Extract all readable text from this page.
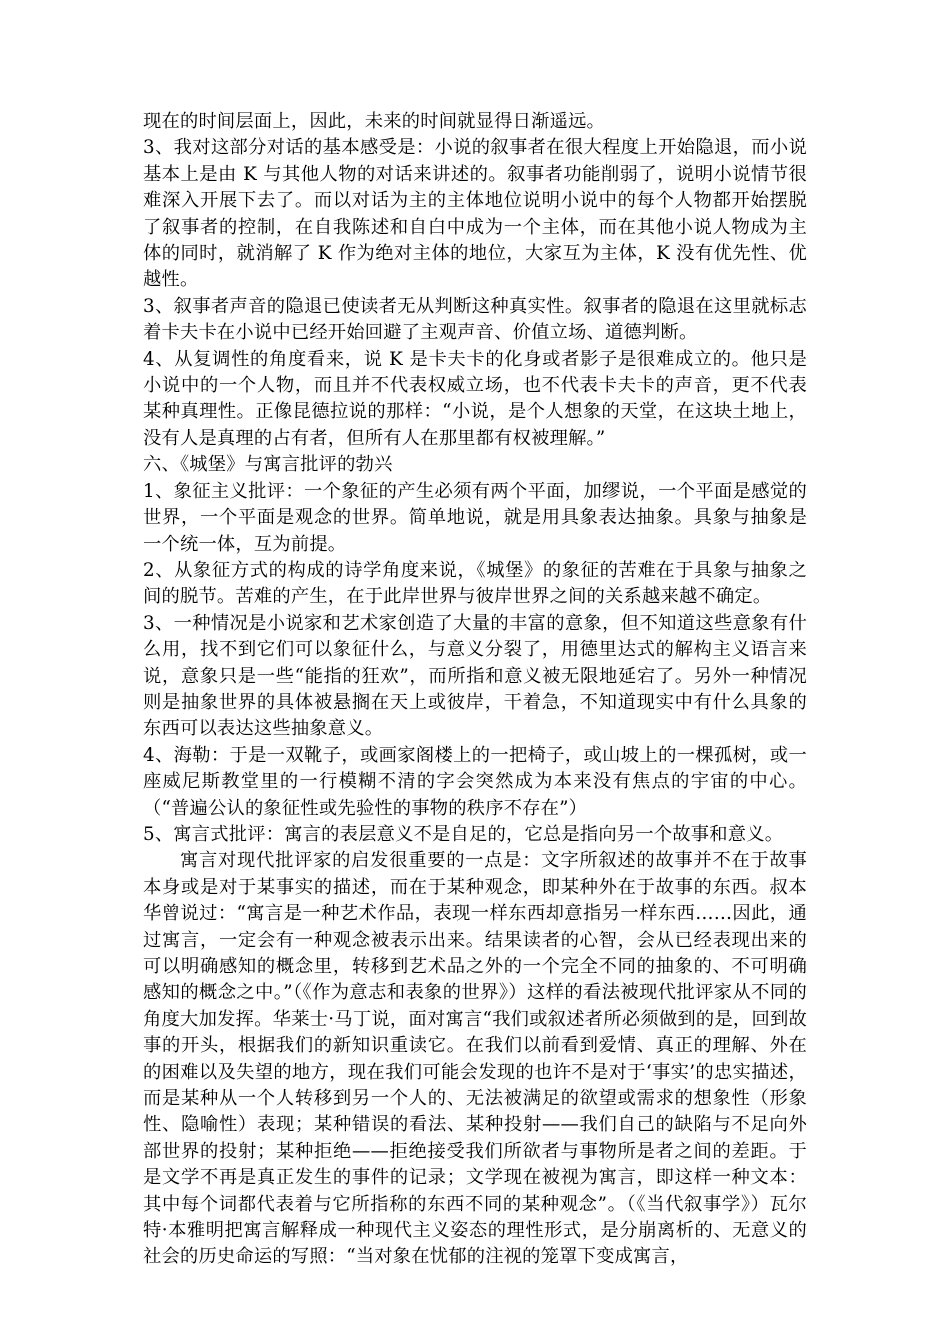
现在的时间层面上，因此，未来的时间就显得日渐遥远。

3、我对这部分对话的基本感受是：小说的叙事者在很大程度上开始隐退，而小说基本上是由 K 与其他人物的对话来讲述的。叙事者功能削弱了，说明小说情节很难深入开展下去了。而以对话为主的主体地位说明小说中的每个人物都开始摆脱了叙事者的控制，在自我陈述和自白中成为一个主体，而在其他小说人物成为主体的同时，就消解了 K 作为绝对主体的地位，大家互为主体，K 没有优先性、优越性。

3、叙事者声音的隐退已使读者无从判断这种真实性。叙事者的隐退在这里就标志着卡夫卡在小说中已经开始回避了主观声音、价值立场、道德判断。

4、从复调性的角度看来，说 K 是卡夫卡的化身或者影子是很难成立的。他只是小说中的一个人物，而且并不代表权威立场，也不代表卡夫卡的声音，更不代表某种真理性。正像昆德拉说的那样：“小说，是个人想象的天堂，在这块土地上，没有人是真理的占有者，但所有人在那里都有权被理解。”

六、《城堡》与寓言批评的勃兴

1、象征主义批评：一个象征的产生必须有两个平面，加缪说，一个平面是感觉的世界，一个平面是观念的世界。简单地说，就是用具象表达抽象。具象与抽象是一个统一体，互为前提。

2、从象征方式的构成的诗学角度来说，《城堡》的象征的苦难在于具象与抽象之间的脱节。苦难的产生，在于此岸世界与彼岸世界之间的关系越来越不确定。

3、一种情况是小说家和艺术家创造了大量的丰富的意象，但不知道这些意象有什么用，找不到它们可以象征什么，与意义分裂了，用德里达式的解构主义语言来说，意象只是一些“能指的狂欢”，而所指和意义被无限地延宕了。另外一种情况则是抽象世界的具体被悬搁在天上或彼岸，干着急，不知道现实中有什么具象的东西可以表达这些抽象意义。

4、海勒：于是一双靴子，或画家阁楼上的一把椅子，或山坡上的一棵孤树，或一座威尼斯教堂里的一行模糊不清的字会突然成为本来没有焦点的宇宙的中心。（“普遍公认的象征性或先验性的事物的秩序不存在”）

5、寓言式批评：寓言的表层意义不是自足的，它总是指向另一个故事和意义。

寓言对现代批评家的启发很重要的一点是：文字所叙述的故事并不在于故事本身或是对于某事实的描述，而在于某种观念，即某种外在于故事的东西。叔本华曾说过：“寓言是一种艺术作品，表现一样东西却意指另一样东西……因此，通过寓言，一定会有一种观念被表示出来。结果读者的心智，会从已经表现出来的可以明确感知的概念里，转移到艺术品之外的一个完全不同的抽象的、不可明确感知的概念之中。”（《作为意志和表象的世界》）这样的看法被现代批评家从不同的角度大加发挥。华莱士·马丁说，面对寓言“我们或叙述者所必须做到的是，回到故事的开头，根据我们的新知识重读它。在我们以前看到爱情、真正的理解、外在的困难以及失望的地方，现在我们可能会发现的也许不是对于‘事实’的忠实描述，而是某种从一个人转移到另一个人的、无法被满足的欲望或需求的想象性（形象性、隐喻性）表现；某种错误的看法、某种投射——我们自己的缺陷与不足向外部世界的投射；某种拒绝——拒绝接受我们所欲者与事物所是者之间的差距。于是文学不再是真正发生的事件的记录；文学现在被视为寓言，即这样一种文本：其中每个词都代表着与它所指称的东西不同的某种观念”。（《当代叙事学》）瓦尔特·本雅明把寓言解释成一种现代主义姿态的理性形式，是分崩离析的、无意义的社会的历史命运的写照：“当对象在忧郁的注视的笼罩下变成寓言，
